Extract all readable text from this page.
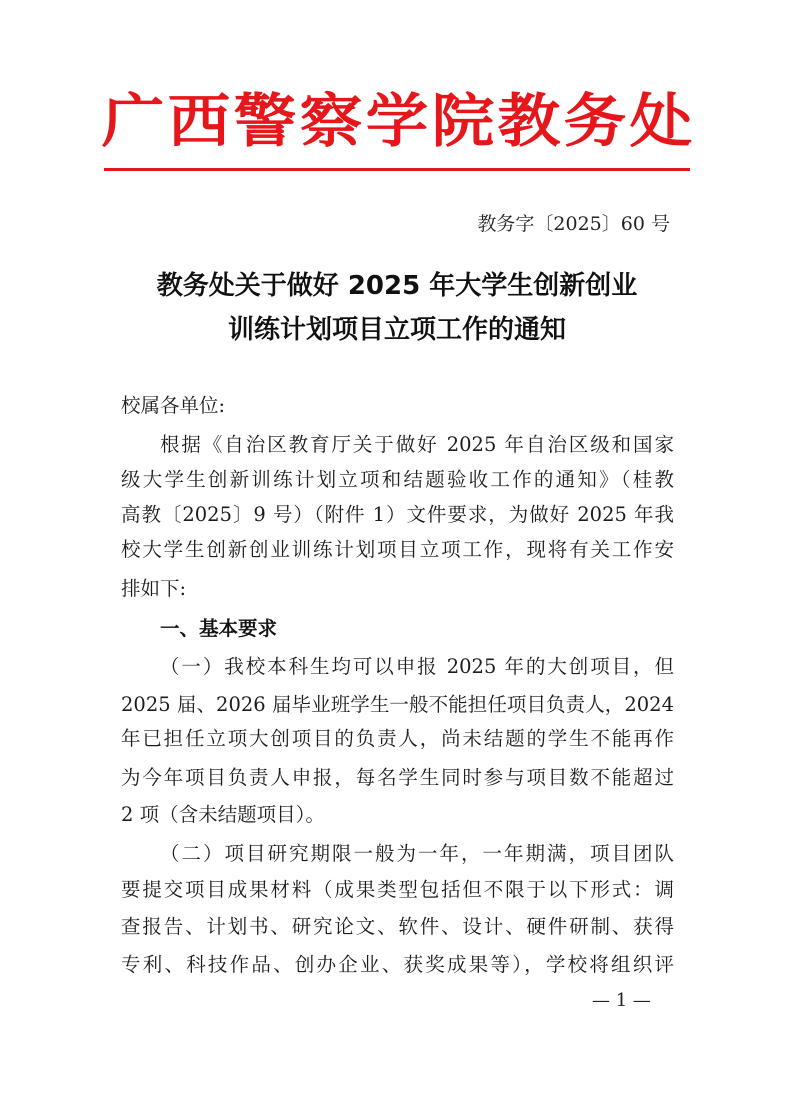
广 西 警 察 学 院 教 务 处
教务字〔2025〕60 号
教务处关于做好 2025 年大学生创新创业
训练计划项目立项工作的通知
校属各单位:
根据《自治区教育厅关于做好 2025 年自治区级和国家
级大学生创新训练计划立项和结题验收工作的通知》（桂教
高教〔2025〕9 号）（附件 1）文件要求，为做好 2025 年我
校大学生创新创业训练计划项目立项工作，现将有关工作安
排如下:
一、基本要求
（一）我校本科生均可以申报 2025 年的大创项目，但
2025 届、2026 届毕业班学生一般不能担任项目负责人，2024
年已担任立项大创项目的负责人，尚未结题的学生不能再作
为今年项目负责人申报，每名学生同时参与项目数不能超过
2 项（含未结题项目）。
（二）项目研究期限一般为一年，一年期满，项目团队
要提交项目成果材料（成果类型包括但不限于以下形式：调
查报告、计划书、研究论文、软件、设计、硬件研制、获得
专利、科技作品、创办企业、获奖成果等），学校将组织评
— 1 —
